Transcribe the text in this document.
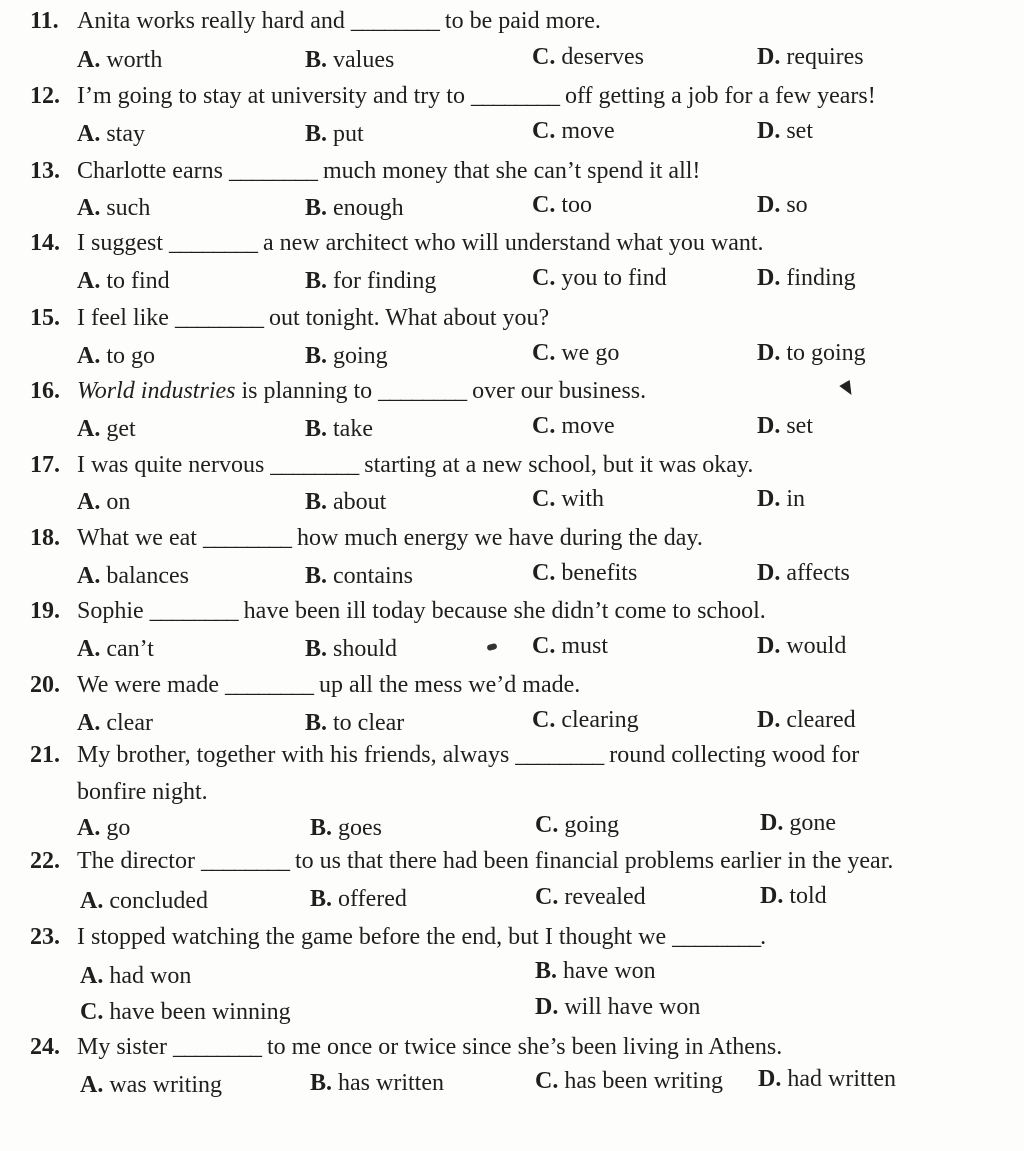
11. Anita works really hard and ________ to be paid more.
A. worth	B. values	C. deserves	D. requires
12. I’m going to stay at university and try to ________ off getting a job for a few years!
A. stay	B. put	C. move	D. set
13. Charlotte earns ________ much money that she can’t spend it all!
A. such	B. enough	C. too	D. so
14. I suggest ________ a new architect who will understand what you want.
A. to find	B. for finding	C. you to find	D. finding
15. I feel like ________ out tonight. What about you?
A. to go	B. going	C. we go	D. to going
16. World industries is planning to ________ over our business.
A. get	B. take	C. move	D. set
17. I was quite nervous ________ starting at a new school, but it was okay.
A. on	B. about	C. with	D. in
18. What we eat ________ how much energy we have during the day.
A. balances	B. contains	C. benefits	D. affects
19. Sophie ________ have been ill today because she didn’t come to school.
A. can’t	B. should	C. must	D. would
20. We were made ________ up all the mess we’d made.
A. clear	B. to clear	C. clearing	D. cleared
21. My brother, together with his friends, always ________ round collecting wood for
bonfire night.
A. go	B. goes	C. going	D. gone
22. The director ________ to us that there had been financial problems earlier in the year.
A. concluded	B. offered	C. revealed	D. told
23. I stopped watching the game before the end, but I thought we ________.
A. had won	B. have won
C. have been winning	D. will have won
24. My sister ________ to me once or twice since she’s been living in Athens.
A. was writing	B. has written	C. has been writing D. had written
